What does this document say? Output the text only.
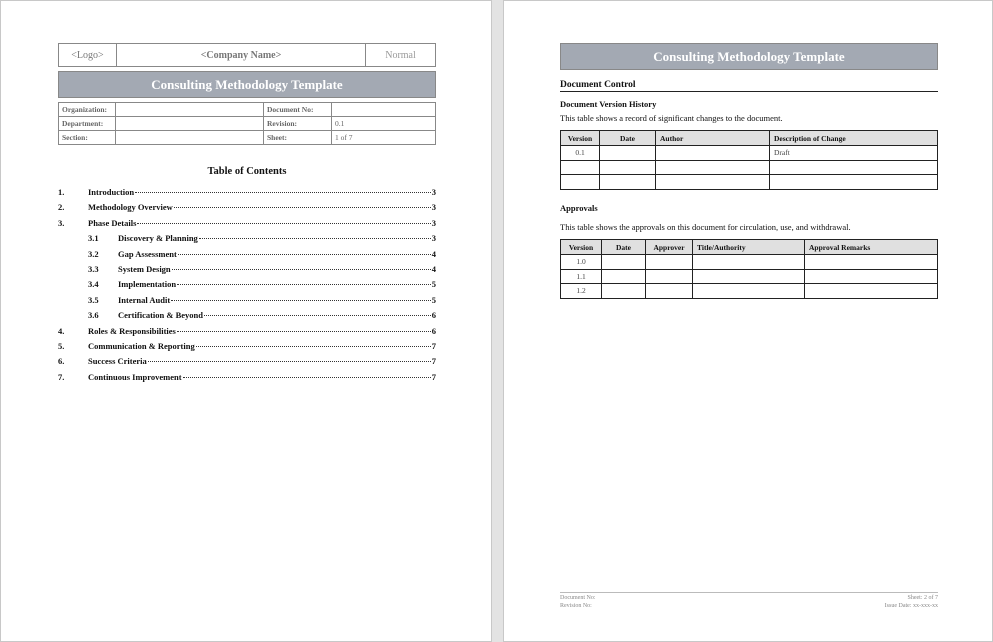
<Logo>	<Company Name>	Normal
Consulting Methodology Template
Organization:		Document No:	
Department:		Revision:	0.1
Section:		Sheet:	1 of 7
Table of Contents
1.	Introduction	3
2.	Methodology Overview	3
3.	Phase Details	3
3.1	Discovery & Planning	3
3.2	Gap Assessment	4
3.3	System Design	4
3.4	Implementation	5
3.5	Internal Audit	5
3.6	Certification & Beyond	6
4.	Roles & Responsibilities	6
5.	Communication & Reporting	7
6.	Success Criteria	7
7.	Continuous Improvement	7
Consulting Methodology Template
Document Control
Document Version History
This table shows a record of significant changes to the document.
Version	Date	Author	Description of Change
0.1			Draft

Approvals
This table shows the approvals on this document for circulation, use, and withdrawal.
Version	Date	Approver	Title/Authority	Approval Remarks
1.0				
1.1				
1.2				
Document No:	Sheet: 2 of 7
Revision No:	Issue Date: xx-xxx-xx
